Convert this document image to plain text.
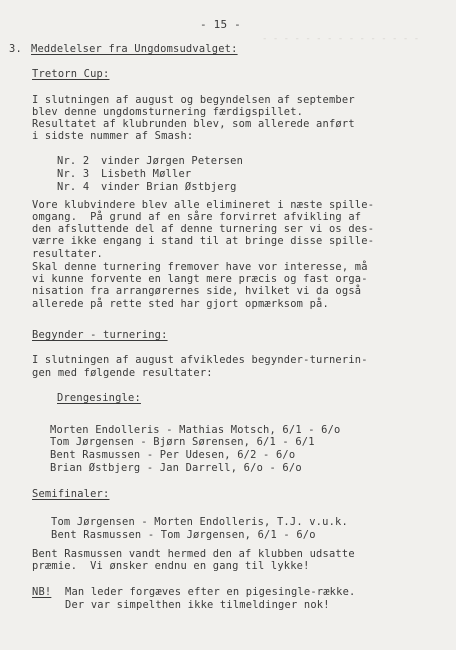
- - - - - - - - - - - - - - -
- 15 -
3. Meddelelser fra Ungdomsudvalget:
Tretorn Cup:
I slutningen af august og begyndelsen af september
blev denne ungdomsturnering færdigspillet.
Resultatet af klubrunden blev, som allerede anført
i sidste nummer af Smash:
Nr. 2 vinder Jørgen Petersen
Nr. 3 Lisbeth Møller
Nr. 4 vinder Brian Østbjerg
Vore klubvindere blev alle elimineret i næste spille-
omgang.  På grund af en såre forvirret afvikling af
den afsluttende del af denne turnering ser vi os des-
værre ikke engang i stand til at bringe disse spille-
resultater.
Skal denne turnering fremover have vor interesse, må
vi kunne forvente en langt mere præcis og fast orga-
nisation fra arrangørernes side, hvilket vi da også
allerede på rette sted har gjort opmærksom på.
Begynder - turnering:
I slutningen af august afvikledes begynder-turnerin-
gen med følgende resultater:
Drengesingle:
Morten Endolleris - Mathias Motsch, 6/1 - 6/o
Tom Jørgensen - Bjørn Sørensen, 6/1 - 6/1
Bent Rasmussen - Per Udesen, 6/2 - 6/o
Brian Østbjerg - Jan Darrell, 6/o - 6/o
Semifinaler:
Tom Jørgensen - Morten Endolleris, T.J. v.u.k.
Bent Rasmussen - Tom Jørgensen, 6/1 - 6/o
Bent Rasmussen vandt hermed den af klubben udsatte
præmie.  Vi ønsker endnu en gang til lykke!
NB! Man leder forgæves efter en pigesingle-række.
Der var simpelthen ikke tilmeldinger nok!
